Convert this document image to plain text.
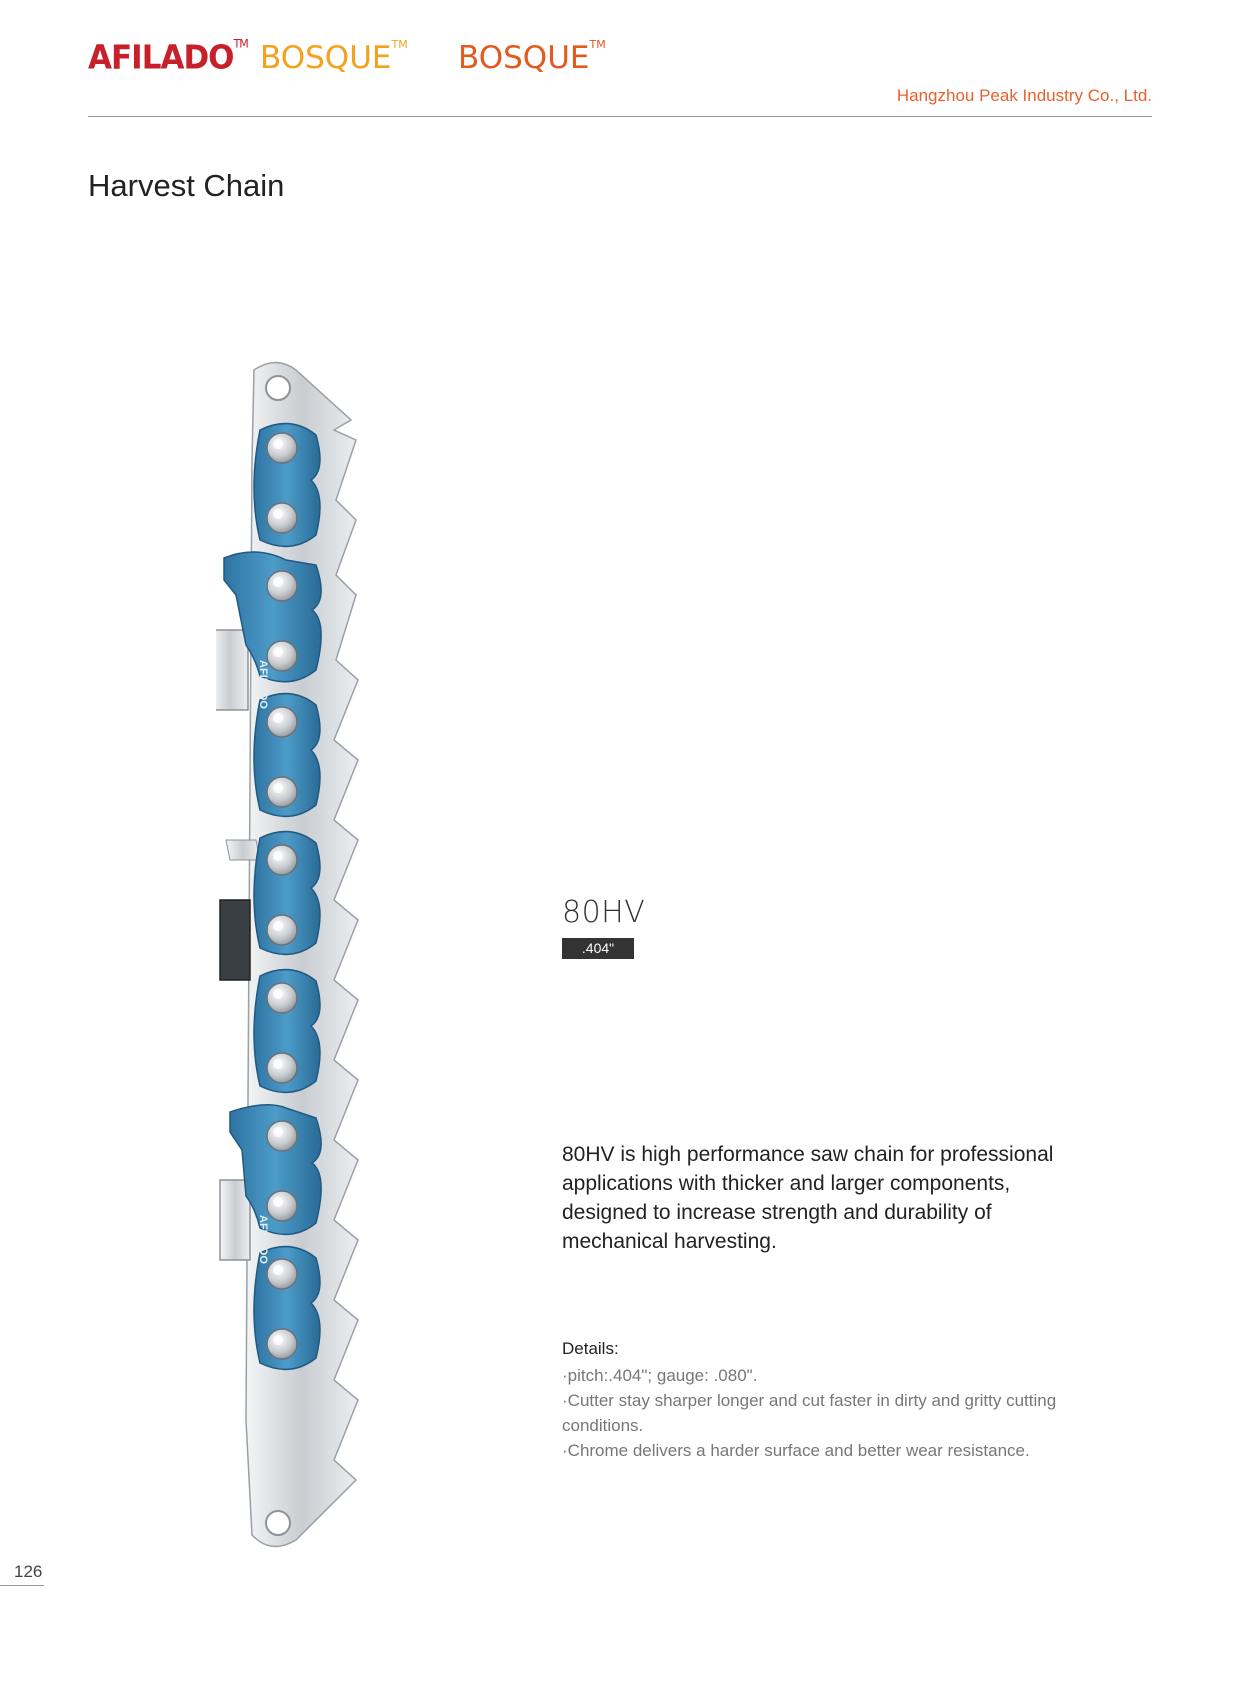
AFILADO™ BOSQUE™ BOSQUE™
Hangzhou Peak Industry Co., Ltd.
Harvest Chain
AFILADO
AFILADO
80HV
.404"

80HV is high performance saw chain for professional applications with thicker and larger components, designed to increase strength and durability of mechanical harvesting.

Details:
·pitch:.404"; gauge: .080".
·Cutter stay sharper longer and cut faster in dirty and gritty cutting conditions.
·Chrome delivers a harder surface and better wear resistance.
126
